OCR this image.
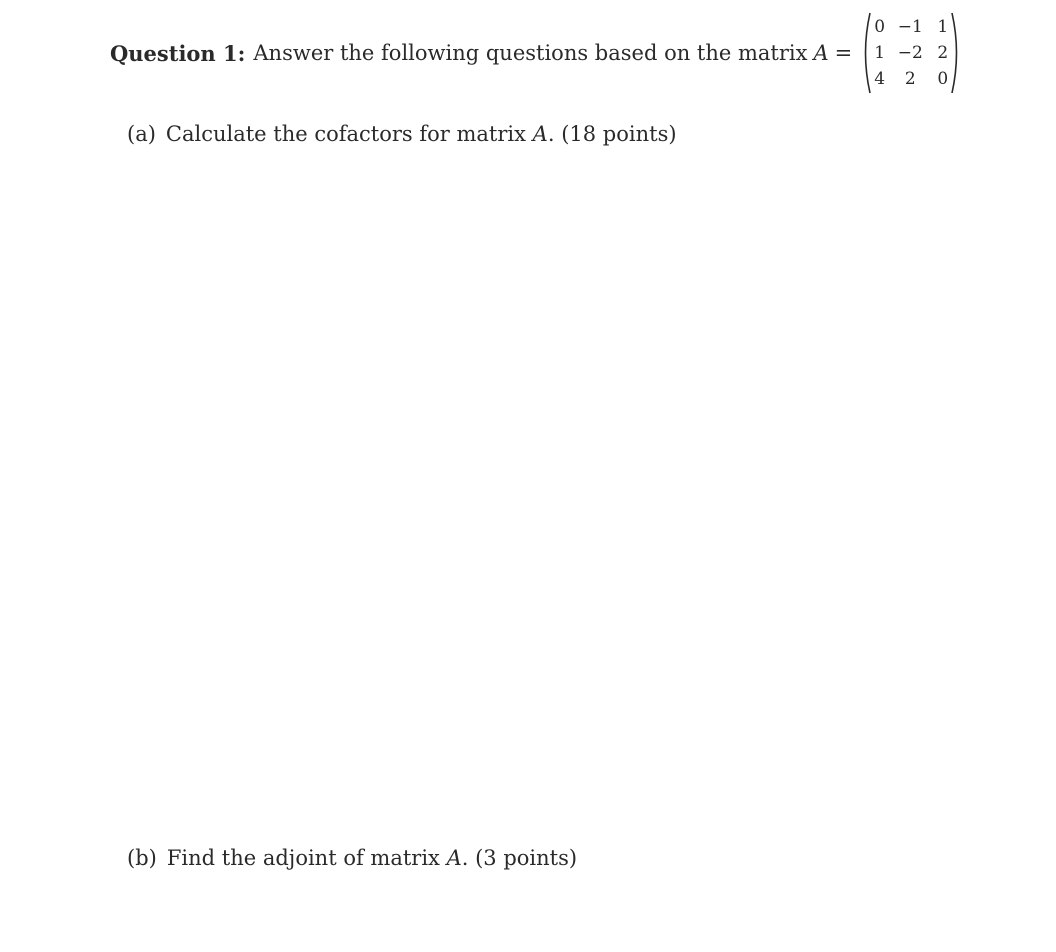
Question 1: Answer the following questions based on the matrix A =
0 −1 1
1 −2 2
4	2	0
(a) Calculate the cofactors for matrix A. (18 points)
(b) Find the adjoint of matrix A. (3 points)
